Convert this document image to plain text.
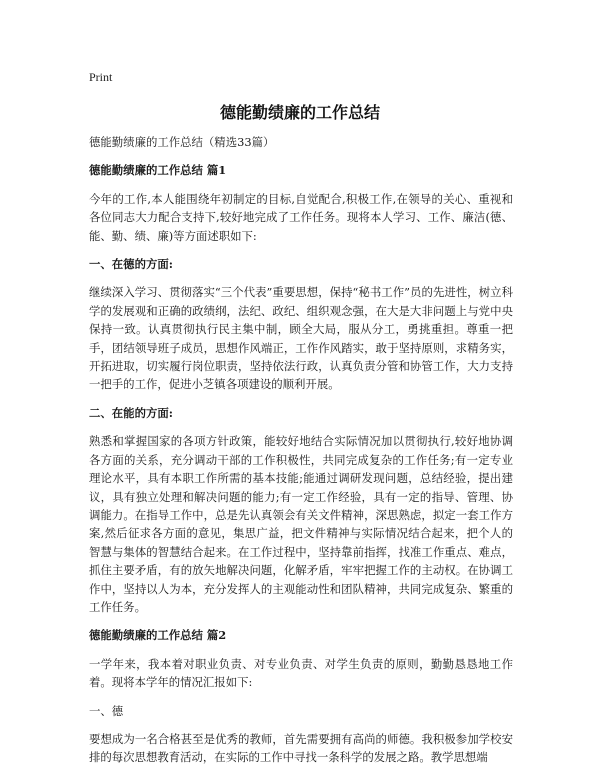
Print
德能勤绩廉的工作总结

德能勤绩廉的工作总结（精选33篇）

德能勤绩廉的工作总结 篇1

今年的工作,本人能围绕年初制定的目标,自觉配合,积极工作,在领导的关心、重视和各位同志大力配合支持下,较好地完成了工作任务。现将本人学习、工作、廉洁(德、能、勤、绩、廉)等方面述职如下:

一、在德的方面:

继续深入学习、贯彻落实“三个代表”重要思想，保持“秘书工作”员的先进性，树立科学的发展观和正确的政绩纲，法纪、政纪、组织观念强，在大是大非问题上与党中央保持一致。认真贯彻执行民主集中制，顾全大局，服从分工，勇挑重担。尊重一把手，团结领导班子成员，思想作风端正，工作作风踏实，敢于坚持原则，求精务实，开拓进取，切实履行岗位职责，坚持依法行政，认真负责分管和协管工作，大力支持一把手的工作，促进小芝镇各项建设的顺利开展。

二、在能的方面:

熟悉和掌握国家的各项方针政策，能较好地结合实际情况加以贯彻执行,较好地协调各方面的关系，充分调动干部的工作积极性，共同完成复杂的工作任务;有一定专业理论水平，具有本职工作所需的基本技能;能通过调研发现问题，总结经验，提出建议，具有独立处理和解决问题的能力;有一定工作经验，具有一定的指导、管理、协调能力。在指导工作中，总是先认真领会有关文件精神，深思熟虑，拟定一套工作方案,然后征求各方面的意见，集思广益，把文件精神与实际情况结合起来，把个人的智慧与集体的智慧结合起来。在工作过程中，坚持靠前指挥，找准工作重点、难点，抓住主要矛盾，有的放矢地解决问题，化解矛盾，牢牢把握工作的主动权。在协调工作中，坚持以人为本，充分发挥人的主观能动性和团队精神，共同完成复杂、繁重的工作任务。

德能勤绩廉的工作总结 篇2

一学年来，我本着对职业负责、对专业负责、对学生负责的原则，勤勤恳恳地工作着。现将本学年的情况汇报如下:

一、德

要想成为一名合格甚至是优秀的教师，首先需要拥有高尚的师德。我积极参加学校安排的每次思想教育活动，在实际的工作中寻找一条科学的发展之路。教学思想端
